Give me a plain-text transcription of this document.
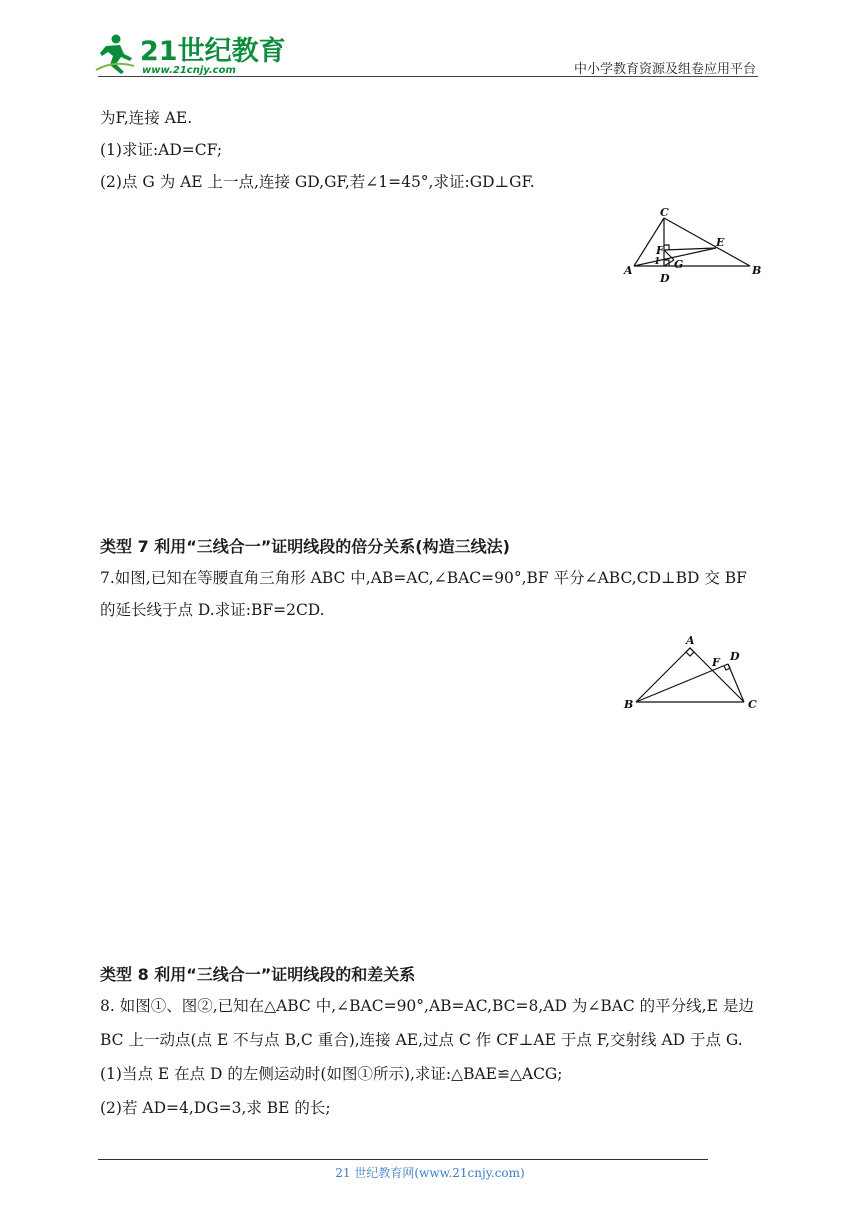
21世纪教育
www.21cnjy.com	中小学教育资源及组卷应用平台
为F,连接 AE.
(1)求证:AD=CF;
(2)点 G 为 AE 上一点,连接 GD,GF,若∠1=45°,求证:GD⊥GF.
C
E
F
1 G
A
D
B
类型 7 利用“三线合一”证明线段的倍分关系(构造三线法)
7.如图,已知在等腰直角三角形 ABC 中,AB=AC,∠BAC=90°,BF 平分∠ABC,CD⊥BD 交 BF
的延长线于点 D.求证:BF=2CD.
A
D
F
B	C
类型 8 利用“三线合一”证明线段的和差关系
8. 如图①、图②,已知在△ABC 中,∠BAC=90°,AB=AC,BC=8,AD 为∠BAC 的平分线,E 是边
BC 上一动点(点 E 不与点 B,C 重合),连接 AE,过点 C 作 CF⊥AE 于点 F,交射线 AD 于点 G.
(1)当点 E 在点 D 的左侧运动时(如图①所示),求证:△BAE≌△ACG;
(2)若 AD=4,DG=3,求 BE 的长;
21 世纪教育网(www.21cnjy.com)
